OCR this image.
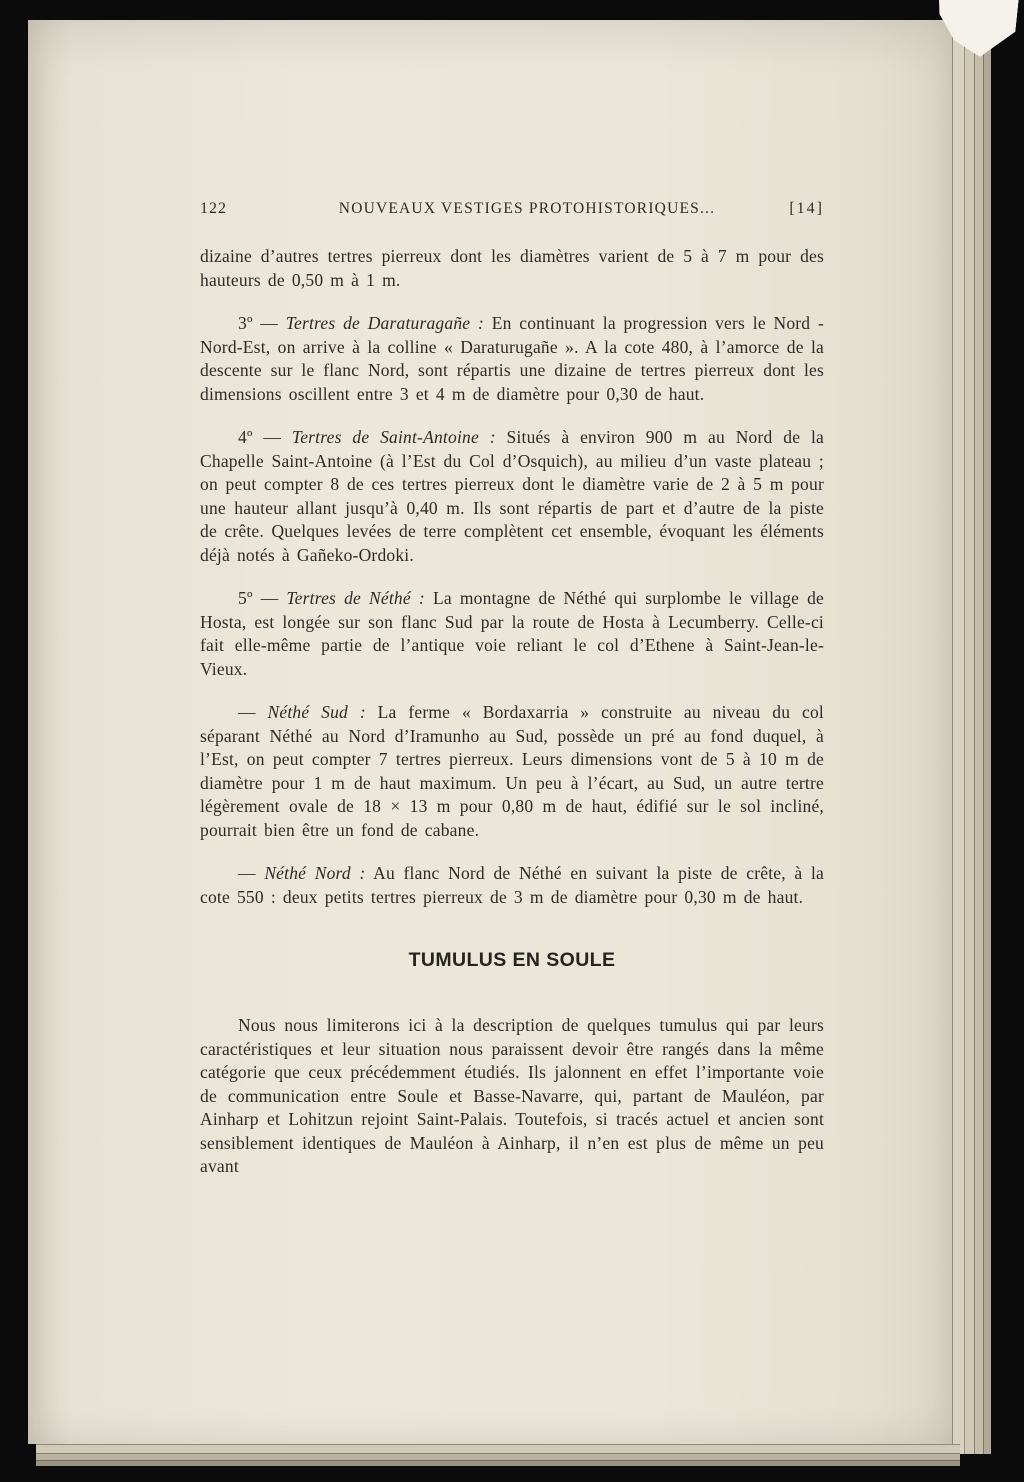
122	NOUVEAUX VESTIGES PROTOHISTORIQUES...	[14]

dizaine d’autres tertres pierreux dont les diamètres varient de 5 à 7 m pour des hauteurs de 0,50 m à 1 m.

3º — Tertres de Daraturagañe : En continuant la progression vers le Nord - Nord-Est, on arrive à la colline « Daraturugañe ». A la cote 480, à l’amorce de la descente sur le flanc Nord, sont répartis une dizaine de tertres pierreux dont les dimensions oscillent entre 3 et 4 m de diamètre pour 0,30 de haut.

4º — Tertres de Saint-Antoine : Situés à environ 900 m au Nord de la Chapelle Saint-Antoine (à l’Est du Col d’Osquich), au milieu d’un vaste plateau ; on peut compter 8 de ces tertres pierreux dont le diamètre varie de 2 à 5 m pour une hauteur allant jusqu’à 0,40 m. Ils sont répartis de part et d’autre de la piste de crête. Quelques levées de terre complètent cet ensemble, évoquant les éléments déjà notés à Gañeko-Ordoki.

5º — Tertres de Néthé : La montagne de Néthé qui surplombe le village de Hosta, est longée sur son flanc Sud par la route de Hosta à Lecumberry. Celle-ci fait elle-même partie de l’antique voie reliant le col d’Ethene à Saint-Jean-le-Vieux.

— Néthé Sud : La ferme « Bordaxarria » construite au niveau du col séparant Néthé au Nord d’Iramunho au Sud, possède un pré au fond duquel, à l’Est, on peut compter 7 tertres pierreux. Leurs dimensions vont de 5 à 10 m de diamètre pour 1 m de haut maximum. Un peu à l’écart, au Sud, un autre tertre légèrement ovale de 18 × 13 m pour 0,80 m de haut, édifié sur le sol incliné, pourrait bien être un fond de cabane.

— Néthé Nord : Au flanc Nord de Néthé en suivant la piste de crête, à la cote 550 : deux petits tertres pierreux de 3 m de diamètre pour 0,30 m de haut.

TUMULUS EN SOULE

Nous nous limiterons ici à la description de quelques tumulus qui par leurs caractéristiques et leur situation nous paraissent devoir être rangés dans la même catégorie que ceux précédemment étudiés. Ils jalonnent en effet l’importante voie de communication entre Soule et Basse-Navarre, qui, partant de Mauléon, par Ainharp et Lohitzun rejoint Saint-Palais. Toutefois, si tracés actuel et ancien sont sensiblement identiques de Mauléon à Ainharp, il n’en est plus de même un peu avant
